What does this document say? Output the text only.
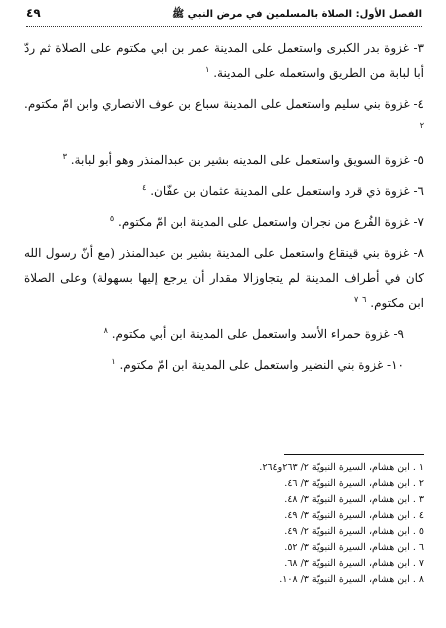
الفصل الأول: الصلاة بالمسلمين في مرض النبي ﷺ
٤٩

٣- غزوة بدر الكبرى واستعمل على المدينة عمر بن ابي مكتوم على الصلاة ثم ردّ أبا لبابة من الطريق واستعمله على المدينة. $^١$

٤- غزوة بني سليم واستعمل على المدينة سباع بن عوف الانصاري وابن امّ مكتوم. $^٢$

٥- غزوة السويق واستعمل على المدينه بشير بن عبدالمنذر وهو أبو لبابة. $^٣$

٦- غزوة ذي قرد واستعمل على المدينة عثمان بن عفّان. $^٤$

٧- غزوة الفُرع من نجران واستعمل على المدينة ابن امّ مكتوم. $^٥$

٨- غزوة بني قينقاع واستعمل على المدينة بشير بن عبدالمنذر (مع أنّ رسول الله كان في أطراف المدينة لم يتجاوزالا مقدار أن يرجع إليها بسهولة) وعلى الصلاة ابن مكتوم. $^٦$ $^٧$

٩- غزوة حمراء الأسد واستعمل على المدينة ابن أبي مكتوم. $^٨$

١٠- غزوة بني النضير واستعمل على المدينة ابن امّ مكتوم. $^١$

١ . ابن هشام، السيرة النبويّة ٢/ ٢٦٣و٢٦٤.
٢ . ابن هشام، السيرة النبويّة ٣/ ٤٦.
٣ . ابن هشام، السيرة النبويّة ٣/ ٤٨.
٤ . ابن هشام، السيرة النبويّة ٣/ ٤٩.
٥ . ابن هشام، السيرة النبويّة ٢/ ٤٩.
٦ . ابن هشام، السيرة النبويّة ٣/ ٥٢.
٧ . ابن هشام، السيرة النبويّة ٣/ ٦٨.
٨ . ابن هشام، السيرة النبويّة ٣/ ١٠٨.
